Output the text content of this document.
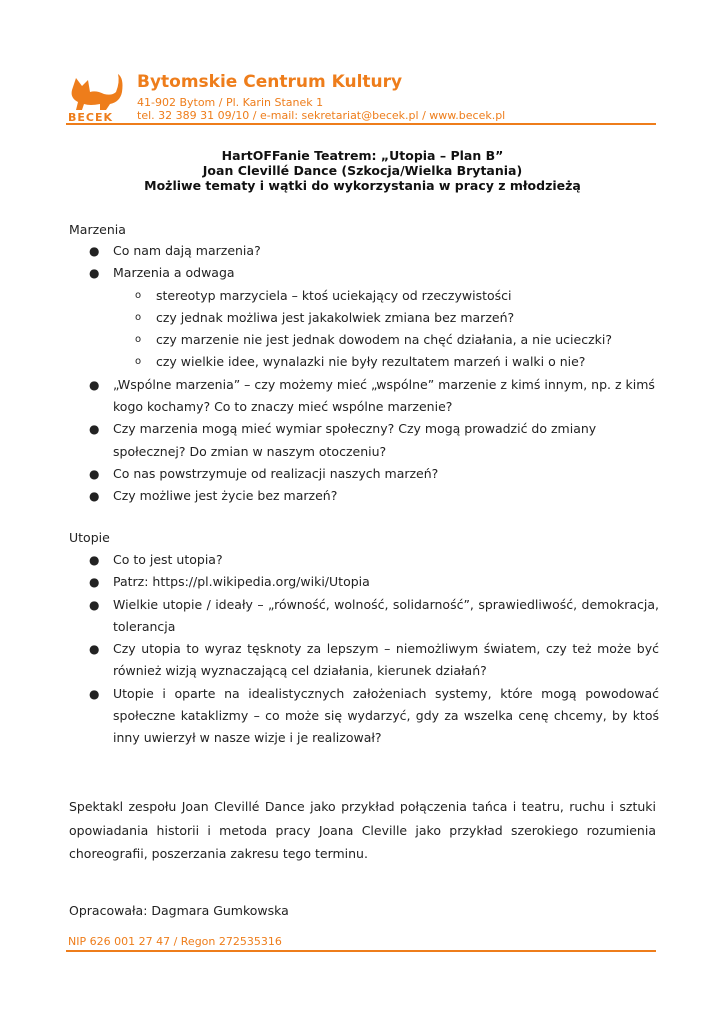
BECEK
Bytomskie Centrum Kultury
41-902 Bytom / Pl. Karin Stanek 1
tel. 32 389 31 09/10 / e-mail: sekretariat@becek.pl / www.becek.pl
HartOFFanie Teatrem: „Utopia – Plan B”
Joan Clevillé Dance (Szkocja/Wielka Brytania)
Możliwe tematy i wątki do wykorzystania w pracy z młodzieżą
Marzenia
● Co nam dają marzenia?
● Marzenia a odwaga
o stereotyp marzyciela – ktoś uciekający od rzeczywistości
o czy jednak możliwa jest jakakolwiek zmiana bez marzeń?
o czy marzenie nie jest jednak dowodem na chęć działania, a nie ucieczki?
o czy wielkie idee, wynalazki nie były rezultatem marzeń i walki o nie?
● „Wspólne marzenia” – czy możemy mieć „wspólne” marzenie z kimś innym, np. z kimś kogo kochamy? Co to znaczy mieć wspólne marzenie?
● Czy marzenia mogą mieć wymiar społeczny? Czy mogą prowadzić do zmiany społecznej? Do zmian w naszym otoczeniu?
● Co nas powstrzymuje od realizacji naszych marzeń?
● Czy możliwe jest życie bez marzeń?
Utopie
● Co to jest utopia?
● Patrz: https://pl.wikipedia.org/wiki/Utopia
● Wielkie utopie / ideały – „równość, wolność, solidarność”, sprawiedliwość, demokracja, tolerancja
● Czy utopia to wyraz tęsknoty za lepszym – niemożliwym światem, czy też może być również wizją wyznaczającą cel działania, kierunek działań?
● Utopie i oparte na idealistycznych założeniach systemy, które mogą powodować społeczne kataklizmy – co może się wydarzyć, gdy za wszelka cenę chcemy, by ktoś inny uwierzył w nasze wizje i je realizował?
Spektakl zespołu Joan Clevillé Dance jako przykład połączenia tańca i teatru, ruchu i sztuki opowiadania historii i metoda pracy Joana Cleville jako przykład szerokiego rozumienia choreografii, poszerzania zakresu tego terminu.
Opracowała: Dagmara Gumkowska
NIP 626 001 27 47 / Regon 272535316
